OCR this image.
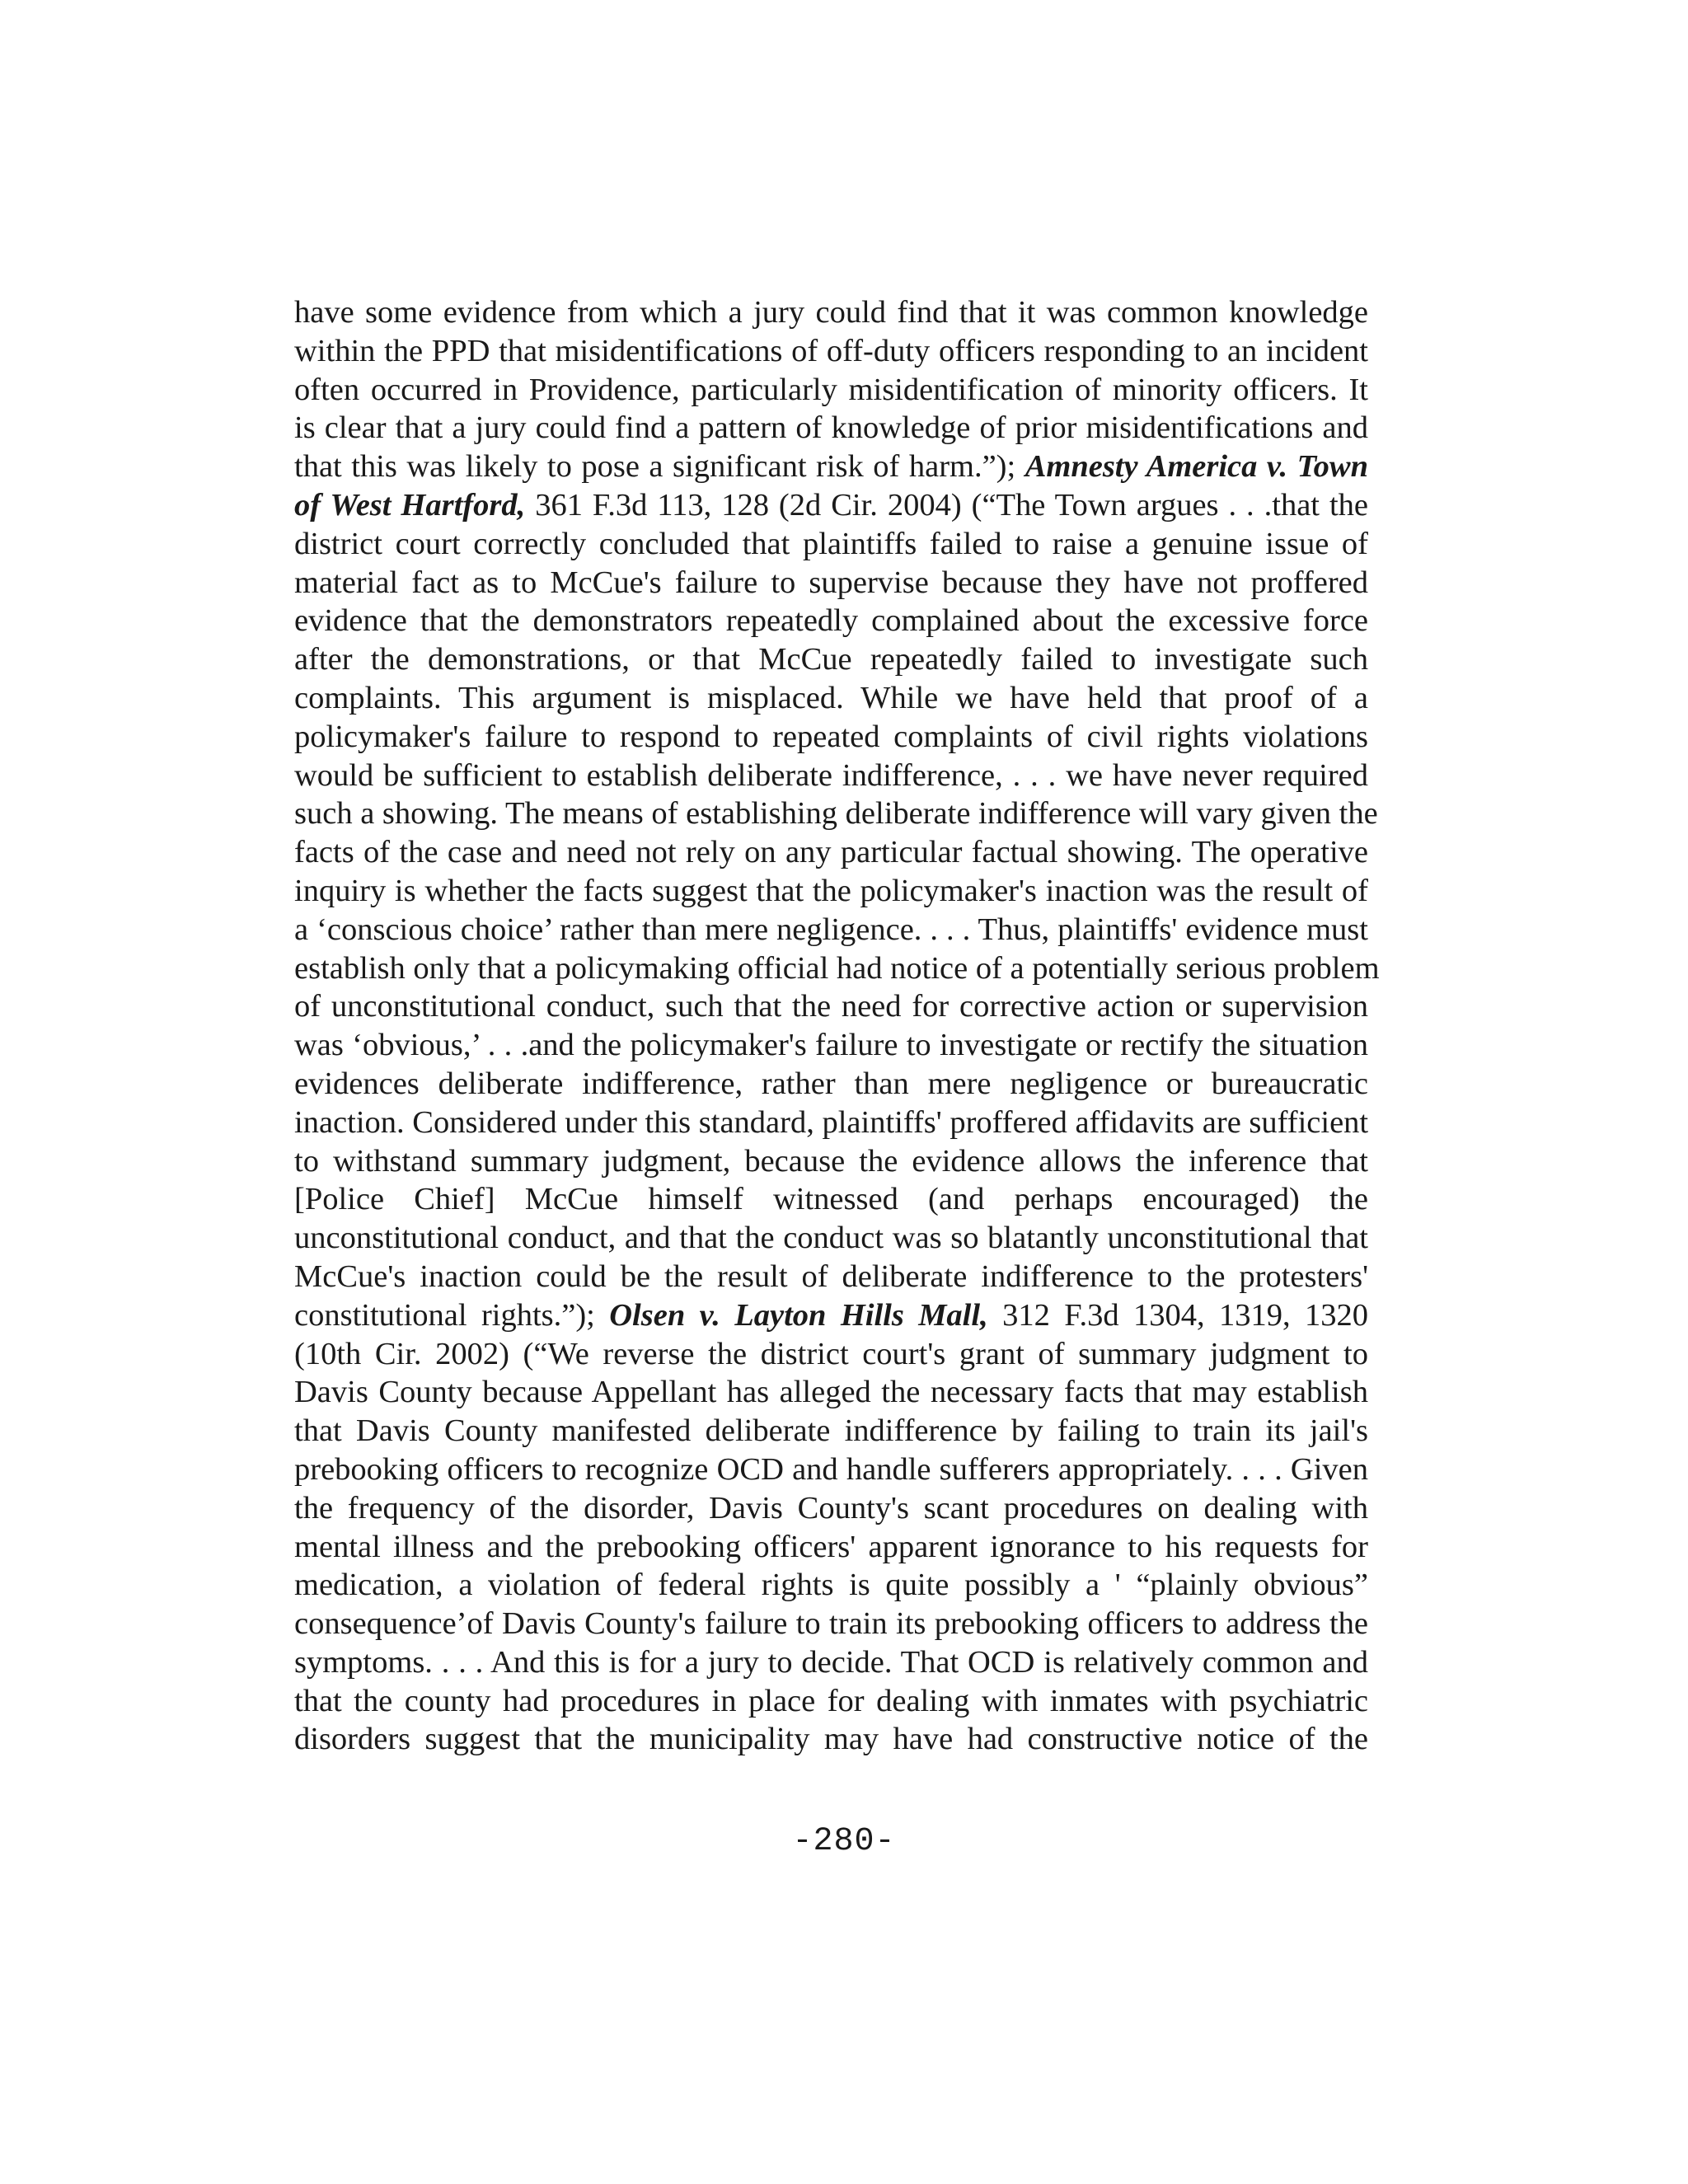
have some evidence from which a jury could find that it was common knowledge
within the PPD that misidentifications of off-duty officers responding to an incident
often occurred in Providence, particularly misidentification of minority officers. It
is clear that a jury could find a pattern of knowledge of prior misidentifications and
that this was likely to pose a significant risk of harm.”); Amnesty America v. Town
of West Hartford, 361 F.3d 113, 128 (2d Cir. 2004) (“The Town argues . . .that the
district court correctly concluded that plaintiffs failed to raise a genuine issue of
material fact as to McCue's failure to supervise because they have not proffered
evidence that the demonstrators repeatedly complained about the excessive force
after the demonstrations, or that McCue repeatedly failed to investigate such
complaints. This argument is misplaced. While we have held that proof of a
policymaker's failure to respond to repeated complaints of civil rights violations
would be sufficient to establish deliberate indifference, . . . we have never required
such a showing. The means of establishing deliberate indifference will vary given the
facts of the case and need not rely on any particular factual showing. The operative
inquiry is whether the facts suggest that the policymaker's inaction was the result of
a ‘conscious choice’ rather than mere negligence. . . . Thus, plaintiffs' evidence must
establish only that a policymaking official had notice of a potentially serious problem
of unconstitutional conduct, such that the need for corrective action or supervision
was ‘obvious,’ . . .and the policymaker's failure to investigate or rectify the situation
evidences deliberate indifference, rather than mere negligence or bureaucratic
inaction. Considered under this standard, plaintiffs' proffered affidavits are sufficient
to withstand summary judgment, because the evidence allows the inference that
[Police Chief] McCue himself witnessed (and perhaps encouraged) the
unconstitutional conduct, and that the conduct was so blatantly unconstitutional that
McCue's inaction could be the result of deliberate indifference to the protesters'
constitutional rights.”); Olsen v. Layton Hills Mall, 312 F.3d 1304, 1319, 1320
(10th Cir. 2002) (“We reverse the district court's grant of summary judgment to
Davis County because Appellant has alleged the necessary facts that may establish
that Davis County manifested deliberate indifference by failing to train its jail's
prebooking officers to recognize OCD and handle sufferers appropriately. . . . Given
the frequency of the disorder, Davis County's scant procedures on dealing with
mental illness and the prebooking officers' apparent ignorance to his requests for
medication, a violation of federal rights is quite possibly a ' “plainly obvious”
consequence’of Davis County's failure to train its prebooking officers to address the
symptoms. . . . And this is for a jury to decide. That OCD is relatively common and
that the county had procedures in place for dealing with inmates with psychiatric
disorders suggest that the municipality may have had constructive notice of the
-280-
